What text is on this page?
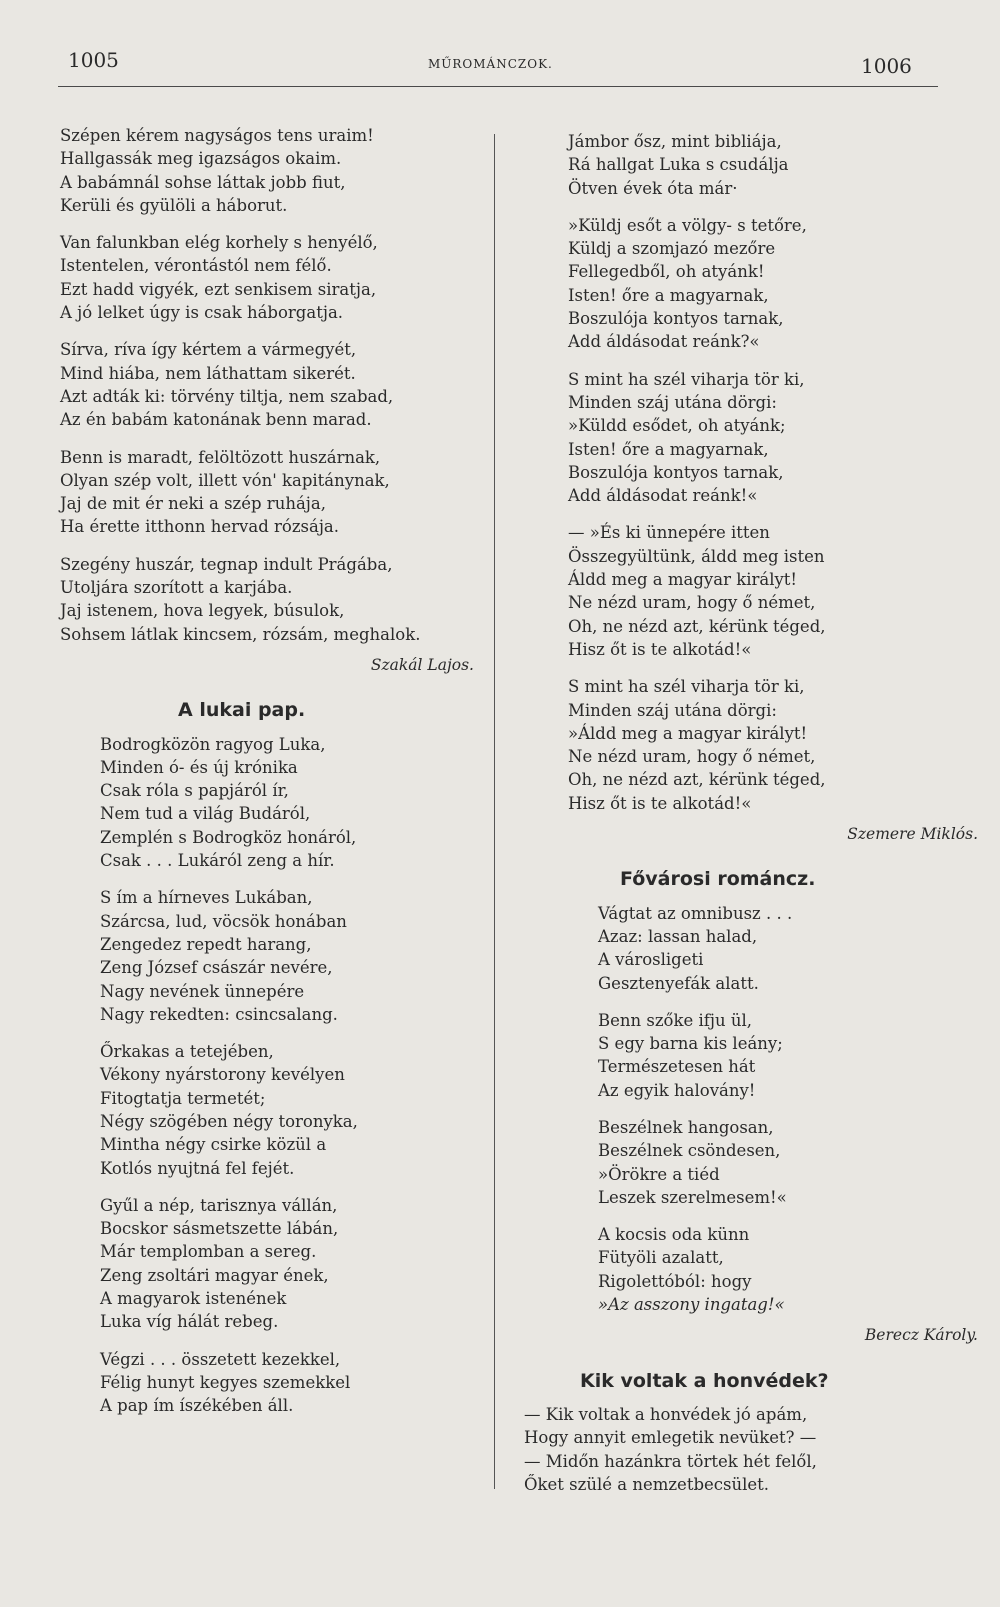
1005	MŰROMÁNCZOK.	1006
Szépen kérem nagyságos tens uraim!
Hallgassák meg igazságos okaim.
A babámnál sohse láttak jobb fiut,
Kerüli és gyülöli a háborut.
Van falunkban elég korhely s henyélő,
Istentelen, vérontástól nem félő.
Ezt hadd vigyék, ezt senkisem siratja,
A jó lelket úgy is csak háborgatja.
Sírva, ríva így kértem a vármegyét,
Mind hiába, nem láthattam sikerét.
Azt adták ki: törvény tiltja, nem szabad,
Az én babám katonának benn marad.
Benn is maradt, felöltözott huszárnak,
Olyan szép volt, illett vón' kapitánynak,
Jaj de mit ér neki a szép ruhája,
Ha érette itthonn hervad rózsája.
Szegény huszár, tegnap indult Prágába,
Utoljára szorított a karjába.
Jaj istenem, hova legyek, búsulok,
Sohsem látlak kincsem, rózsám, meghalok.
Szakál Lajos.
A lukai pap.
Bodrogközön ragyog Luka,
Minden ó- és új krónika
Csak róla s papjáról ír,
Nem tud a világ Budáról,
Zemplén s Bodrogköz honáról,
Csak . . . Lukáról zeng a hír.
S ím a hírneves Lukában,
Szárcsa, lud, vöcsök honában
Zengedez repedt harang,
Zeng József császár nevére,
Nagy nevének ünnepére
Nagy rekedten: csincsalang.
Őrkakas a tetejében,
Vékony nyárstorony kevélyen
Fitogtatja termetét;
Négy szögében négy toronyka,
Mintha négy csirke közül a
Kotlós nyujtná fel fejét.
Gyűl a nép, tarisznya vállán,
Bocskor sásmetszette lábán,
Már templomban a sereg.
Zeng zsoltári magyar ének,
A magyarok istenének
Luka víg hálát rebeg.
Végzi . . . összetett kezekkel,
Félig hunyt kegyes szemekkel
A pap ím íszékében áll.
Jámbor ősz, mint bibliája,
Rá hallgat Luka s csudálja
Ötven évek óta már·
»Küldj esőt a völgy- s tetőre,
Küldj a szomjazó mezőre
Fellegedből, oh atyánk!
Isten! őre a magyarnak,
Boszulója kontyos tarnak,
Add áldásodat reánk?«
S mint ha szél viharja tör ki,
Minden száj utána dörgi:
»Küldd esődet, oh atyánk;
Isten! őre a magyarnak,
Boszulója kontyos tarnak,
Add áldásodat reánk!«
— »És ki ünnepére itten
Összegyültünk, áldd meg isten
Áldd meg a magyar királyt!
Ne nézd uram, hogy ő német,
Oh, ne nézd azt, kérünk téged,
Hisz őt is te alkotád!«
S mint ha szél viharja tör ki,
Minden száj utána dörgi:
»Áldd meg a magyar királyt!
Ne nézd uram, hogy ő német,
Oh, ne nézd azt, kérünk téged,
Hisz őt is te alkotád!«
Szemere Miklós.
Fővárosi románcz.
Vágtat az omnibusz . . .
Azaz: lassan halad,
A városligeti
Gesztenyefák alatt.
Benn szőke ifju ül,
S egy barna kis leány;
Természetesen hát
Az egyik halovány!
Beszélnek hangosan,
Beszélnek csöndesen,
»Örökre a tiéd
Leszek szerelmesem!«
A kocsis oda künn
Fütyöli azalatt,
Rigolettóból: hogy
»Az asszony ingatag!«
Berecz Károly.
Kik voltak a honvédek?
— Kik voltak a honvédek jó apám,
Hogy annyit emlegetik nevüket? —
— Midőn hazánkra törtek hét felől,
Őket szülé a nemzetbecsület.
